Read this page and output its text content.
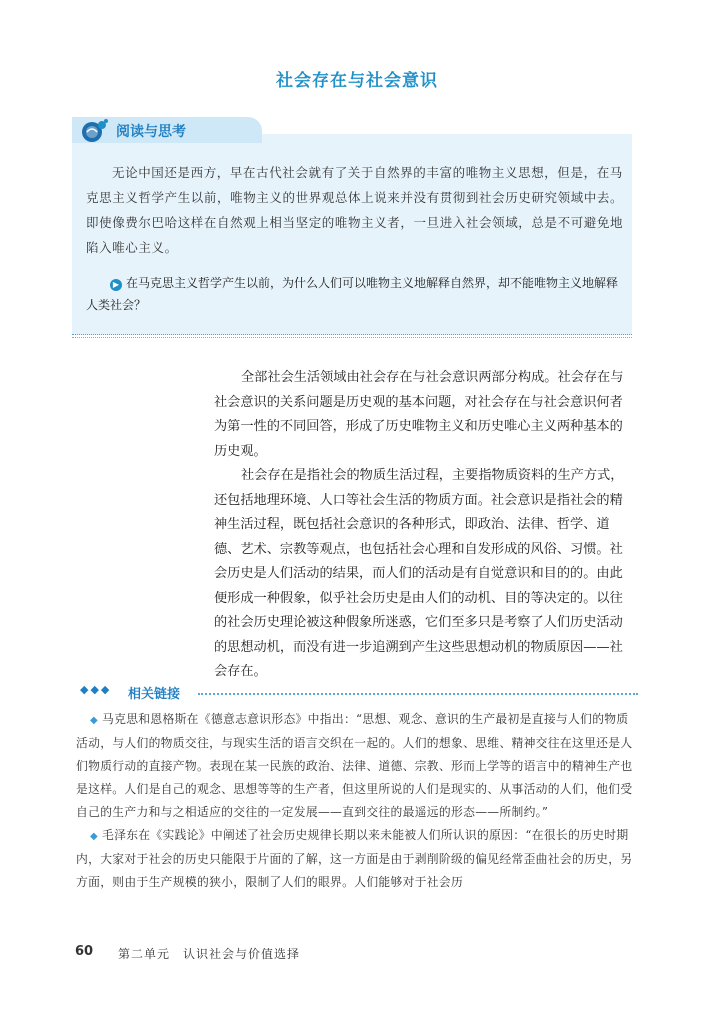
社会存在与社会意识
阅读与思考
无论中国还是西方，早在古代社会就有了关于自然界的丰富的唯物主义思想，但是，在马克思主义哲学产生以前，唯物主义的世界观总体上说来并没有贯彻到社会历史研究领域中去。即使像费尔巴哈这样在自然观上相当坚定的唯物主义者，一旦进入社会领域，总是不可避免地陷入唯心主义。
▶ 在马克思主义哲学产生以前，为什么人们可以唯物主义地解释自然界，却不能唯物主义地解释人类社会？

全部社会生活领域由社会存在与社会意识两部分构成。社会存在与社会意识的关系问题是历史观的基本问题，对社会存在与社会意识何者为第一性的不同回答，形成了历史唯物主义和历史唯心主义两种基本的历史观。

社会存在是指社会的物质生活过程，主要指物质资料的生产方式，还包括地理环境、人口等社会生活的物质方面。社会意识是指社会的精神生活过程，既包括社会意识的各种形式，即政治、法律、哲学、道德、艺术、宗教等观点，也包括社会心理和自发形成的风俗、习惯。社会历史是人们活动的结果，而人们的活动是有自觉意识和目的的。由此便形成一种假象，似乎社会历史是由人们的动机、目的等决定的。以往的社会历史理论被这种假象所迷惑，它们至多只是考察了人们历史活动的思想动机，而没有进一步追溯到产生这些思想动机的物质原因——社会存在。

◆◆◆ 相关链接

◆ 马克思和恩格斯在《德意志意识形态》中指出：“思想、观念、意识的生产最初是直接与人们的物质活动，与人们的物质交往，与现实生活的语言交织在一起的。人们的想象、思维、精神交往在这里还是人们物质行动的直接产物。表现在某一民族的政治、法律、道德、宗教、形而上学等的语言中的精神生产也是这样。人们是自己的观念、思想等等的生产者，但这里所说的人们是现实的、从事活动的人们，他们受自己的生产力和与之相适应的交往的一定发展——直到交往的最遥远的形态——所制约。”

◆ 毛泽东在《实践论》中阐述了社会历史规律长期以来未能被人们所认识的原因：“在很长的历史时期内，大家对于社会的历史只能限于片面的了解，这一方面是由于剥削阶级的偏见经常歪曲社会的历史，另方面，则由于生产规模的狭小，限制了人们的眼界。人们能够对于社会历

60 第二单元　认识社会与价值选择
